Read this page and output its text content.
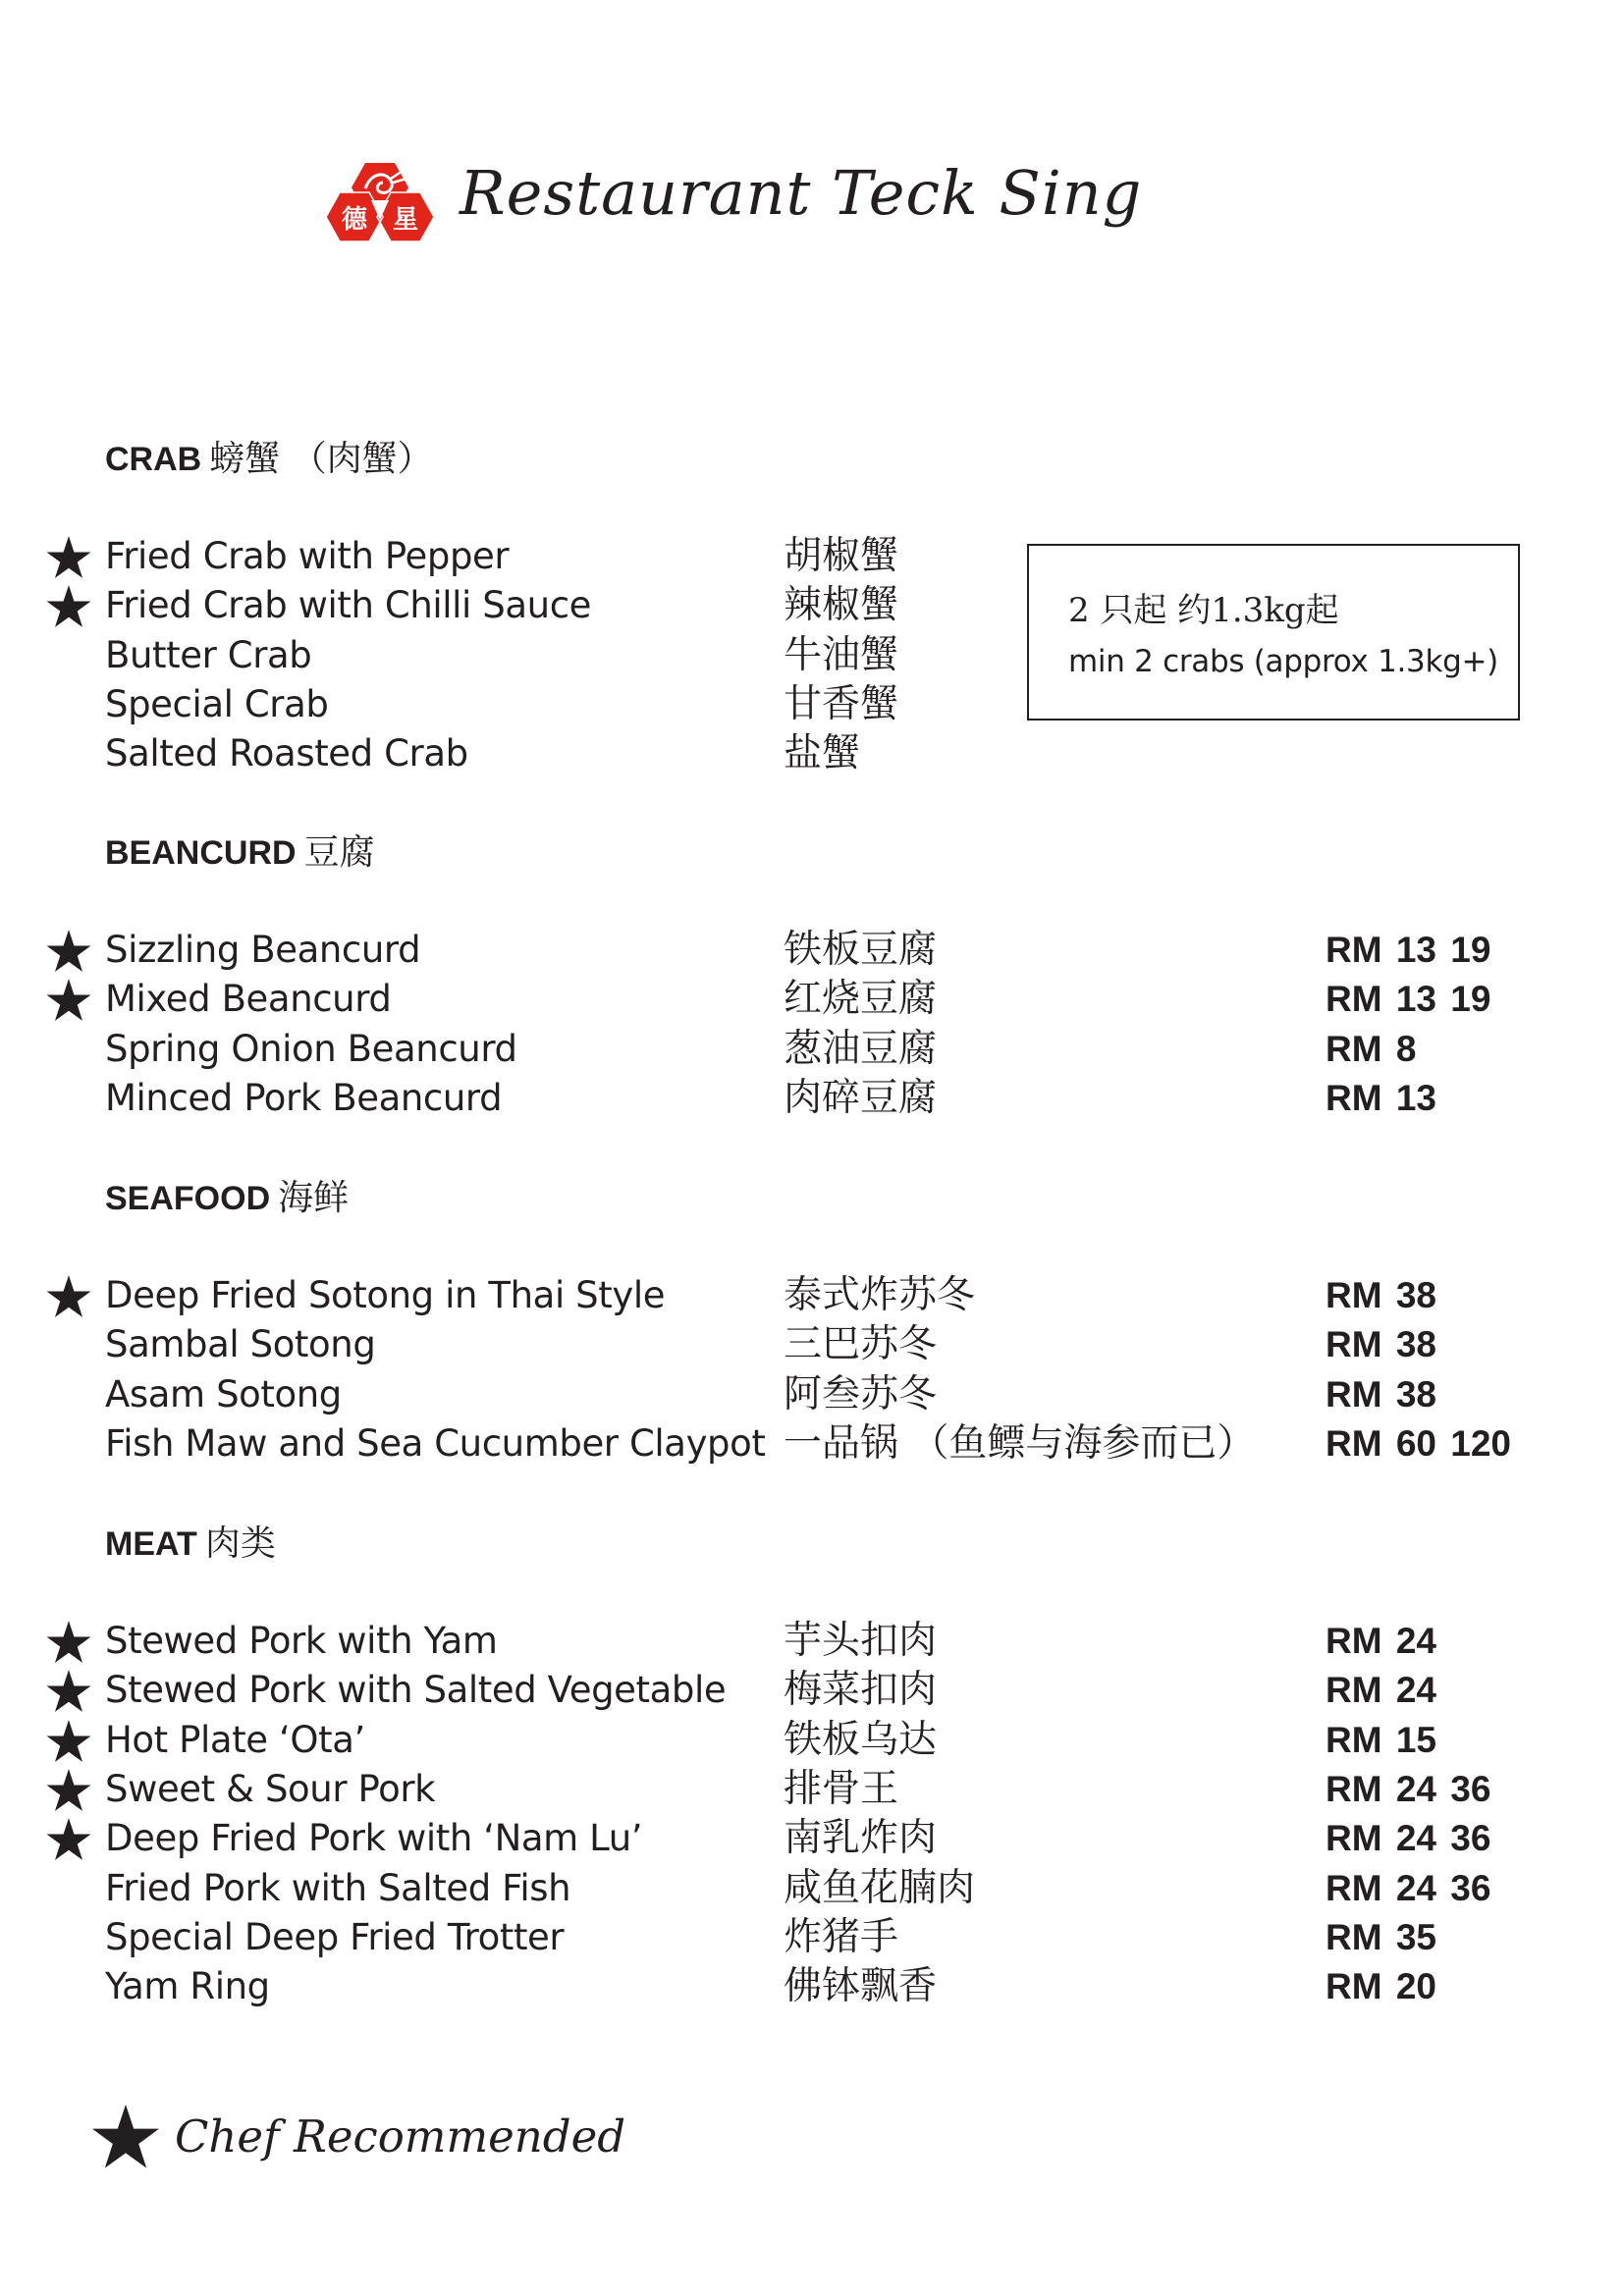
德 星 Restaurant Teck Sing
2 只起 约1.3kg起
min 2 crabs (approx 1.3kg+)
CRAB 螃蟹 （肉蟹）
Fried Crab with Pepper	胡椒蟹
Fried Crab with Chilli Sauce	辣椒蟹
Butter Crab	牛油蟹
Special Crab	甘香蟹
Salted Roasted Crab	盐蟹
BEANCURD 豆腐
Sizzling Beancurd	铁板豆腐	RM 13 19
Mixed Beancurd	红烧豆腐	RM 13 19
Spring Onion Beancurd	葱油豆腐	RM 8
Minced Pork Beancurd	肉碎豆腐	RM 13
SEAFOOD 海鲜
Deep Fried Sotong in Thai Style	泰式炸苏冬	RM 38
Sambal Sotong	三巴苏冬	RM 38
Asam Sotong	阿叁苏冬	RM 38
Fish Maw and Sea Cucumber Claypot 一品锅 （鱼鳔与海参而已） RM 60 120
MEAT 肉类
Stewed Pork with Yam	芋头扣肉	RM 24
Stewed Pork with Salted Vegetable 梅菜扣肉	RM 24
Hot Plate ‘Ota’	铁板乌达	RM 15
Sweet & Sour Pork	排骨王	RM 24 36
Deep Fried Pork with ‘Nam Lu’	南乳炸肉	RM 24 36
Fried Pork with Salted Fish	咸鱼花腩肉	RM 24 36
Special Deep Fried Trotter	炸猪手	RM 35
Yam Ring	佛钵飘香	RM 20
Chef Recommended
